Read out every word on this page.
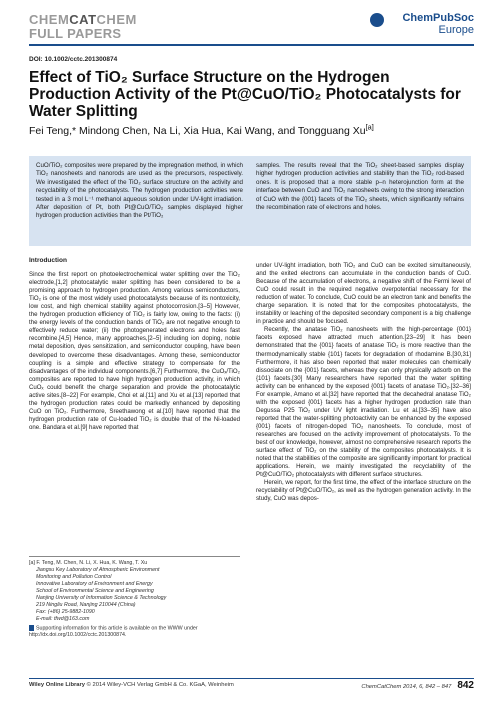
CHEMCATCHEM
FULL PAPERS
ChemPubSoc
Europe
DOI: 10.1002/cctc.201300874
Effect of TiO₂ Surface Structure on the Hydrogen Production Activity of the Pt@CuO/TiO₂ Photocatalysts for Water Splitting
Fei Teng,* Mindong Chen, Na Li, Xia Hua, Kai Wang, and Tongguang Xu[a]
CuO/TiO₂ composites were prepared by the impregnation method, in which TiO₂ nanosheets and nanorods are used as the precursors, respectively. We investigated the effect of the TiO₂ surface structure on the activity and recyclability of the photocatalysts. The hydrogen production activities were tested in a 3 mol L⁻¹ methanol aqueous solution under UV-light irradiation. After deposition of Pt, both Pt@CuO/TiO₂ samples displayed higher hydrogen production activities than the Pt/TiO₂
samples. The results reveal that the TiO₂ sheet-based samples display higher hydrogen production activities and stability than the TiO₂ rod-based ones. It is proposed that a more stable p–n heterojunction form at the interface between CuO and TiO₂ nanosheets owing to the strong interaction of CuO with the {001} facets of the TiO₂ sheets, which significantly refrains the recombination rate of electrons and holes.
Introduction

Since the first report on photoelectrochemical water splitting over the TiO₂ electrode,[1,2] photocatalytic water splitting has been considered to be a promising approach to hydrogen production. Among various semiconductors, TiO₂ is one of the most widely used photocatalysts because of its nontoxicity, low cost, and high chemical stability against photocorrosion.[3–5] However, the hydrogen production efficiency of TiO₂ is fairly low, owing to the facts: (i) the energy levels of the conduction bands of TiO₂ are not negative enough to effectively reduce water; (ii) the photogenerated electrons and holes fast recombine.[4,5] Hence, many approaches,[2–5] including ion doping, noble metal deposition, dyes sensitization, and semiconductor coupling, have been developed to overcome these disadvantages. Among these, semiconductor coupling is a simple and effective strategy to compensate for the disadvantages of the individual components.[6,7] Furthermore, the CuOₓ/TiO₂ composites are reported to have high hydrogen production activity, in which CuOₓ could benefit the charge separation and provide the photocatalytic active sites.[8–22] For example, Choi et al.[11] and Xu et al.[13] reported that the hydrogen production rates could be markedly enhanced by depositing CuO on TiO₂. Furthermore, Sreethawong et al.[10] have reported that the hydrogen production rate of Cu-loaded TiO₂ is double that of the Ni-loaded one. Bandara et al.[9] have reported that

[a] F. Teng, M. Chen, N. Li, X. Hua, K. Wang, T. Xu
Jiangsu Key Laboratory of Atmospheric Environment
Monitoring and Pollution Control
Innovative Laboratory of Environment and Energy
School of Environmental Science and Engineering
Nanjing University of Information Science & Technology
219 Ningliu Road, Nanjing 210044 (China)
Fax: (+86) 25-9882-1090
E-mail: tfwd@163.com
Supporting information for this article is available on the WWW under http://dx.doi.org/10.1002/cctc.201300874.

under UV-light irradiation, both TiO₂ and CuO can be excited simultaneously, and the exited electrons can accumulate in the conduction bands of CuO. Because of the accumulation of electrons, a negative shift of the Fermi level of CuO could result in the required negative overpotential necessary for the reduction of water. To conclude, CuO could be an electron tank and benefits the charge separation. It is noted that for the composites photocatalysts, the instability or leaching of the deposited secondary component is a big challenge in practice and should be focused.

Recently, the anatase TiO₂ nanosheets with the high-percentage {001} facets exposed have attracted much attention.[23–29] It has been demonstrated that the {001} facets of anatase TiO₂ is more reactive than the thermodynamically stable {101} facets for degradation of rhodamine B.[30,31] Furthermore, it has also been reported that water molecules can chemically dissociate on the {001} facets, whereas they can only physically adsorb on the {101} facets.[30] Many researchers have reported that the water splitting activity can be enhanced by the exposed {001} facets of anatase TiO₂.[32–36] For example, Amano et al.[32] have reported that the decahedral anatase TiO₂ with the exposed {001} facets has a higher hydrogen production rate than Degussa P25 TiO₂ under UV light irradiation. Lu et al.[33–35] have also reported that the water-splitting photoactivity can be enhanced by the exposed {001} facets of nitrogen-doped TiO₂ nanosheets. To conclude, most of researches are focused on the activity improvement of photocatalysts. To the best of our knowledge, however, almost no comprehensive research reports the surface effect of TiO₂ on the stability of the composites photocatalysts. It is noted that the stabilities of the composite are significantly important for practical applications. Herein, we mainly investigated the recyclability of the Pt@CuO/TiO₂ photocatalysts with different surface structures.

Herein, we report, for the first time, the effect of the interface structure on the recyclability of Pt@CuO/TiO₂, as well as the hydrogen generation activity. In the study, CuO was depos-

Wiley Online Library © 2014 Wiley-VCH Verlag GmbH & Co. KGaA, Weinheim	ChemCatChem 2014, 6, 842 – 847 842
